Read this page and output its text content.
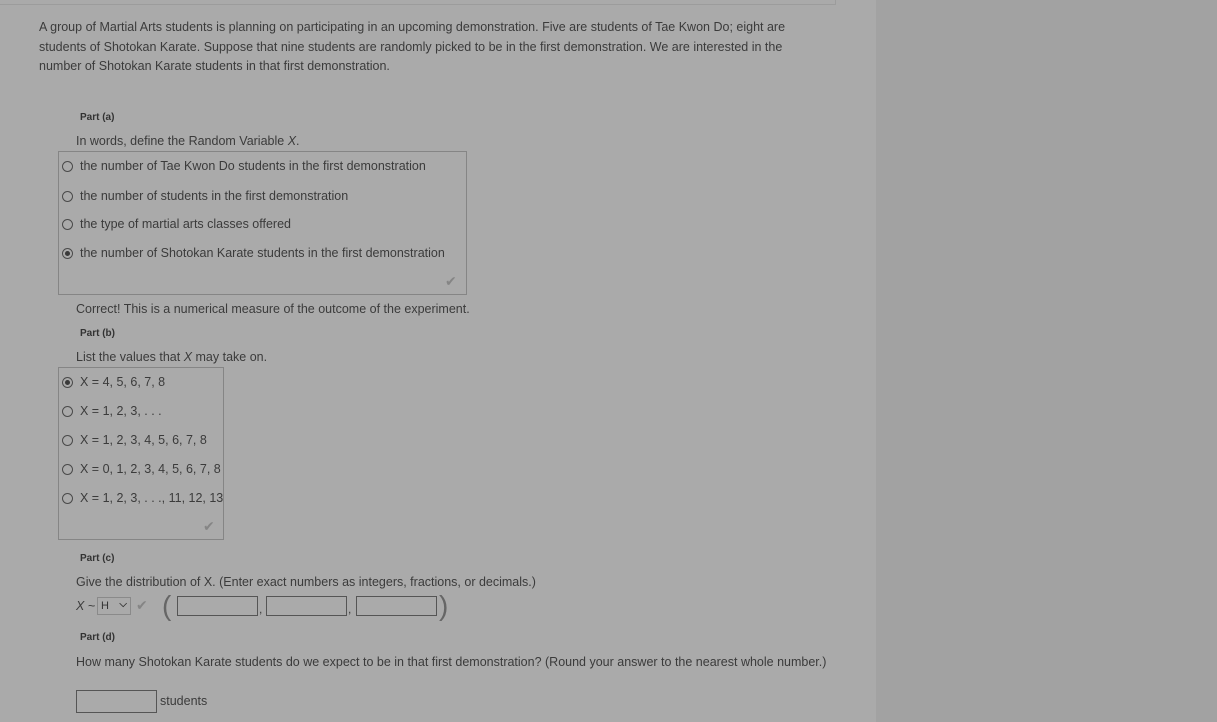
A group of Martial Arts students is planning on participating in an upcoming demonstration. Five are students of Tae Kwon Do; eight are students of Shotokan Karate. Suppose that nine students are randomly picked to be in the first demonstration. We are interested in the number of Shotokan Karate students in that first demonstration.
Part (a)
In words, define the Random Variable X.
the number of Tae Kwon Do students in the first demonstration
the number of students in the first demonstration
the type of martial arts classes offered
the number of Shotokan Karate students in the first demonstration
✔
Correct! This is a numerical measure of the outcome of the experiment.
Part (b)
List the values that X may take on.
X = 4, 5, 6, 7, 8
X = 1, 2, 3, . . .
X = 1, 2, 3, 4, 5, 6, 7, 8
X = 0, 1, 2, 3, 4, 5, 6, 7, 8
X = 1, 2, 3, . . ., 11, 12, 13
✔
Part (c)
Give the distribution of X. (Enter exact numbers as integers, fractions, or decimals.)
X ~ H ⌵ ✔ (	,	,	)
Part (d)
How many Shotokan Karate students do we expect to be in that first demonstration? (Round your answer to the nearest whole number.)
students
